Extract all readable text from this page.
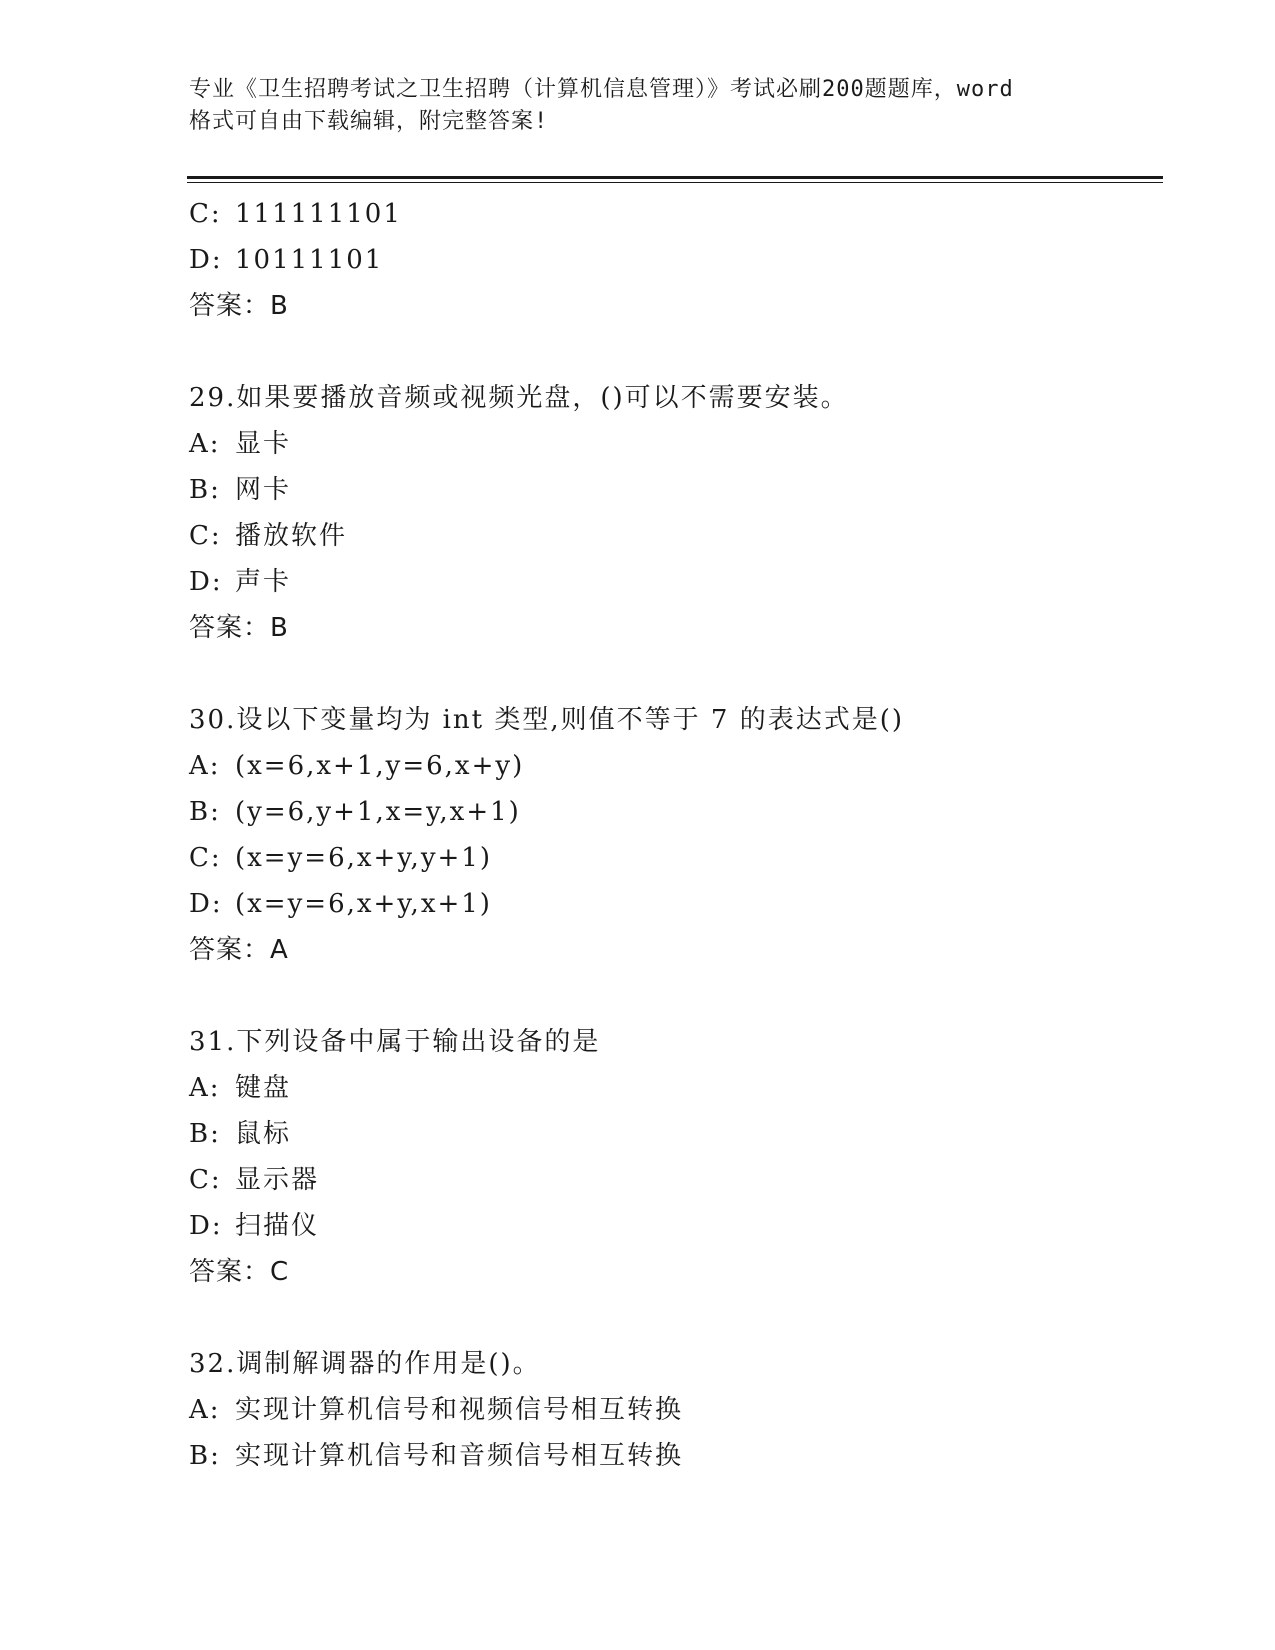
专业《卫生招聘考试之卫生招聘（计算机信息管理）》考试必刷200题题库，word
格式可自由下载编辑，附完整答案!
C: 111111101
D: 10111101
答案：B
29.如果要播放音频或视频光盘，()可以不需要安装。
A: 显卡
B: 网卡
C: 播放软件
D: 声卡
答案：B
30.设以下变量均为 int 类型,则值不等于 7 的表达式是()
A: (x=6,x+1,y=6,x+y)
B: (y=6,y+1,x=y,x+1)
C: (x=y=6,x+y,y+1)
D: (x=y=6,x+y,x+1)
答案：A
31.下列设备中属于输出设备的是
A: 键盘
B: 鼠标
C: 显示器
D: 扫描仪
答案：C
32.调制解调器的作用是()。
A: 实现计算机信号和视频信号相互转换
B: 实现计算机信号和音频信号相互转换
